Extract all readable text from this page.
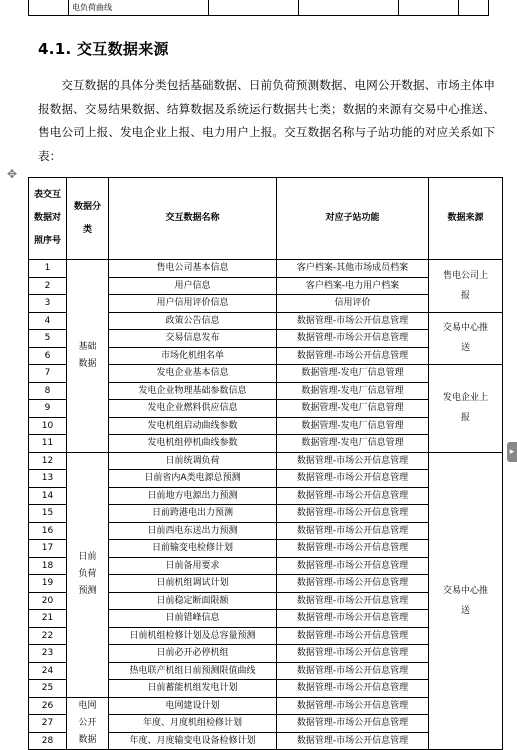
	电负荷曲线				
4.1. 交互数据来源

交互数据的具体分类包括基础数据、日前负荷预测数据、电网公开数据、市场主体申报数据、交易结果数据、结算数据及系统运行数据共七类；数据的来源有交易中心推送、售电公司上报、发电企业上报、电力用户上报。交互数据名称与子站功能的对应关系如下表：

✥
▸
表交互数据对照序号	数据分类	交互数据名称	对应子站功能	数据来源
1	基础数据	售电公司基本信息	客户档案-其他市场成员档案	售电公司上报
2		用户信息	客户档案-电力用户档案	
3		用户信用评价信息	信用评价	
4		政策公告信息	数据管理-市场公开信息管理	交易中心推送
5		交易信息发布	数据管理-市场公开信息管理	
6		市场化机组名单	数据管理-市场公开信息管理	
7		发电企业基本信息	数据管理-发电厂信息管理	发电企业上报
8		发电企业物理基础参数信息	数据管理-发电厂信息管理	
9		发电企业燃料供应信息	数据管理-发电厂信息管理	
10		发电机组启动曲线参数	数据管理-发电厂信息管理	
11		发电机组停机曲线参数	数据管理-发电厂信息管理	
12	日前负荷预测	日前统调负荷	数据管理-市场公开信息管理	交易中心推送
13		日前省内A类电源总预测	数据管理-市场公开信息管理	
14		日前地方电源出力预测	数据管理-市场公开信息管理	
15		日前跨港电出力预测	数据管理-市场公开信息管理	
16		日前西电东送出力预测	数据管理-市场公开信息管理	
17		日前输变电检修计划	数据管理-市场公开信息管理	
18		日前备用要求	数据管理-市场公开信息管理	
19		日前机组调试计划	数据管理-市场公开信息管理	
20		日前稳定断面限额	数据管理-市场公开信息管理	
21		日前错峰信息	数据管理-市场公开信息管理	
22		日前机组检修计划及总容量预测	数据管理-市场公开信息管理	
23		日前必开必停机组	数据管理-市场公开信息管理	
24		热电联产机组日前预测限值曲线	数据管理-市场公开信息管理	
25		日前蓄能机组发电计划	数据管理-市场公开信息管理	
26	电网公开数据	电网建设计划	数据管理-市场公开信息管理	
27		年度、月度机组检修计划	数据管理-市场公开信息管理	
28		年度、月度输变电设备检修计划	数据管理-市场公开信息管理	
